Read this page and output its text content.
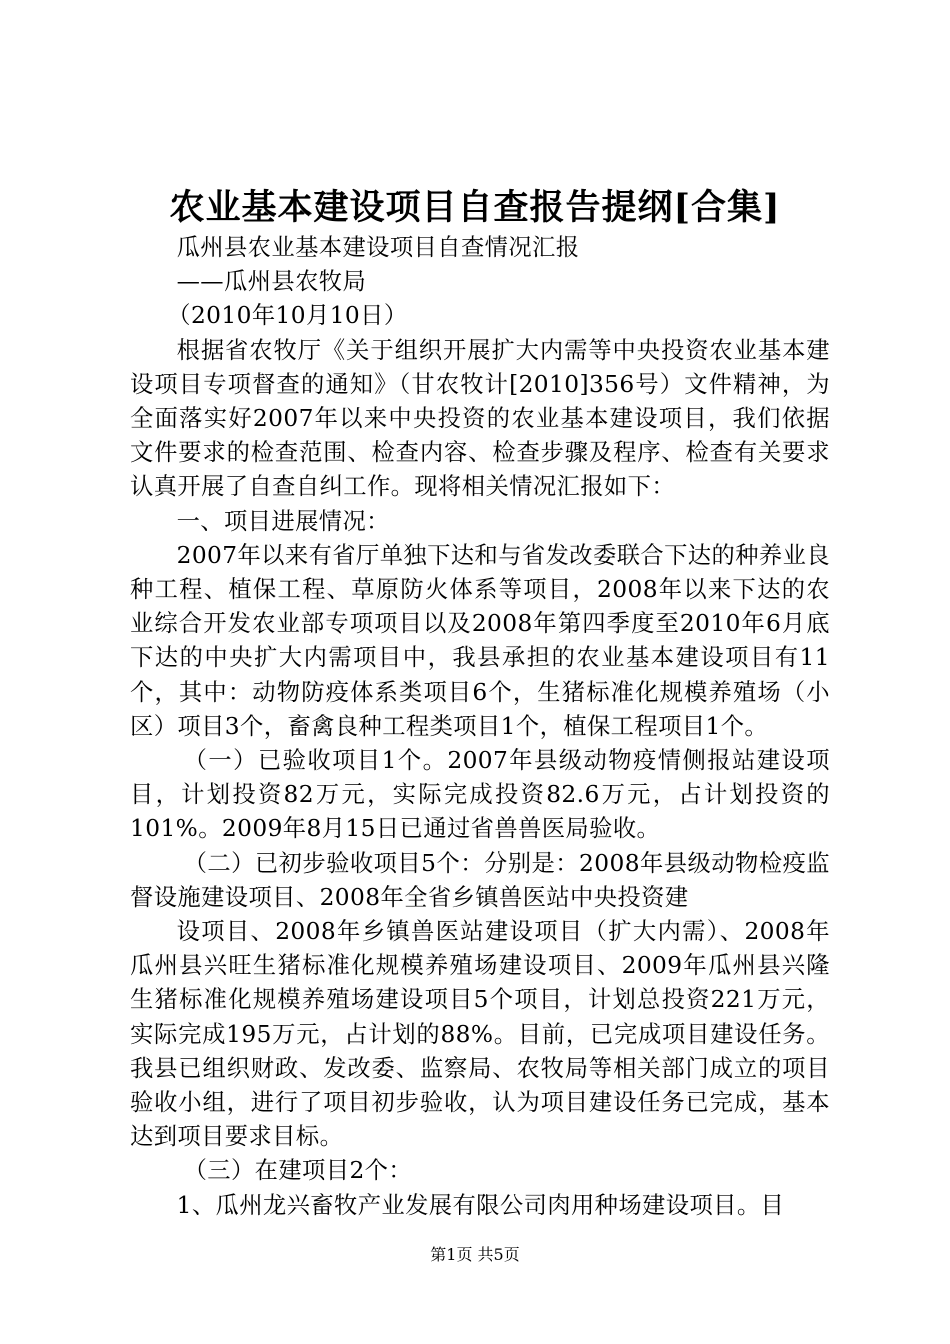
农业基本建设项目自查报告提纲[合集]

瓜州县农业基本建设项目自查情况汇报

——瓜州县农牧局

（2010年10月10日）

根据省农牧厅《关于组织开展扩大内需等中央投资农业基本建设项目专项督查的通知》（甘农牧计[2010]356号）文件精神，为全面落实好2007年以来中央投资的农业基本建设项目，我们依据文件要求的检查范围、检查内容、检查步骤及程序、检查有关要求认真开展了自查自纠工作。现将相关情况汇报如下：

一、项目进展情况：

2007年以来有省厅单独下达和与省发改委联合下达的种养业良种工程、植保工程、草原防火体系等项目，2008年以来下达的农业综合开发农业部专项项目以及2008年第四季度至2010年6月底下达的中央扩大内需项目中，我县承担的农业基本建设项目有11个，其中：动物防疫体系类项目6个，生猪标准化规模养殖场（小区）项目3个，畜禽良种工程类项目1个，植保工程项目1个。

（一）已验收项目1个。2007年县级动物疫情侧报站建设项目，计划投资82万元，实际完成投资82.6万元，占计划投资的101%。2009年8月15日已通过省兽兽医局验收。

（二）已初步验收项目5个：分别是：2008年县级动物检疫监督设施建设项目、2008年全省乡镇兽医站中央投资建

设项目、2008年乡镇兽医站建设项目（扩大内需）、2008年瓜州县兴旺生猪标准化规模养殖场建设项目、2009年瓜州县兴隆生猪标准化规模养殖场建设项目5个项目，计划总投资221万元，实际完成195万元，占计划的88%。目前，已完成项目建设任务。我县已组织财政、发改委、监察局、农牧局等相关部门成立的项目验收小组，进行了项目初步验收，认为项目建设任务已完成，基本达到项目要求目标。

（三）在建项目2个：

1、瓜州龙兴畜牧产业发展有限公司肉用种场建设项目。目

第1页 共5页
